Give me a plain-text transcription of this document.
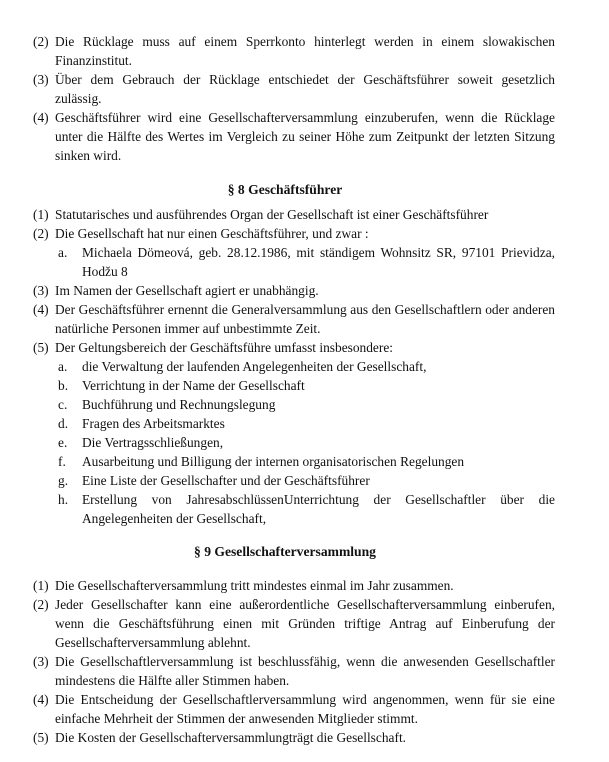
(2) Die Rücklage muss auf einem Sperrkonto hinterlegt werden in einem slowakischen Finanzinstitut.
(3) Über dem Gebrauch der Rücklage entschiedet der Geschäftsführer soweit gesetzlich zulässig.
(4) Geschäftsführer wird eine Gesellschafterversammlung einzuberufen, wenn die Rücklage unter die Hälfte des Wertes im Vergleich zu seiner Höhe zum Zeitpunkt der letzten Sitzung sinken wird.
§ 8 Geschäftsführer
(1) Statutarisches und ausführendes Organ der Gesellschaft ist einer Geschäftsführer
(2) Die Gesellschaft hat nur einen Geschäftsführer, und zwar :
a.	Michaela Dömeová, geb. 28.12.1986, mit ständigem Wohnsitz SR, 97101 Prievidza, Hodžu 8
(3) Im Namen der Gesellschaft agiert er unabhängig.
(4) Der Geschäftsführer ernennt die Generalversammlung aus den Gesellschaftlern oder anderen natürliche Personen immer auf unbestimmte Zeit.
(5) Der Geltungsbereich der Geschäftsführe umfasst insbesondere:
a.	die Verwaltung der laufenden Angelegenheiten der Gesellschaft,
b.	Verrichtung in der Name der Gesellschaft
c.	Buchführung und Rechnungslegung
d.	Fragen des Arbeitsmarktes
e.	Die Vertragsschließungen,
f.	Ausarbeitung und Billigung der internen organisatorischen Regelungen
g.	Eine Liste der Gesellschafter und der Geschäftsführer
h.	Erstellung von JahresabschlüssenUnterrichtung der Gesellschaftler über die Angelegenheiten der Gesellschaft,
§ 9 Gesellschafterversammlung
(1) Die Gesellschafterversammlung tritt mindestes einmal im Jahr zusammen.
(2) Jeder Gesellschafter kann eine außerordentliche Gesellschafterversammlung einberufen, wenn die Geschäftsführung einen mit Gründen triftige Antrag auf Einberufung der Gesellschafterversammlung ablehnt.
(3) Die Gesellschaftlerversammlung ist beschlussfähig, wenn die anwesenden Gesellschaftler mindestens die Hälfte aller Stimmen haben.
(4) Die Entscheidung der Gesellschaftlerversammlung wird angenommen, wenn für sie eine einfache Mehrheit der Stimmen der anwesenden Mitglieder stimmt.
(5) Die Kosten der Gesellschafterversammlungträgt die Gesellschaft.
